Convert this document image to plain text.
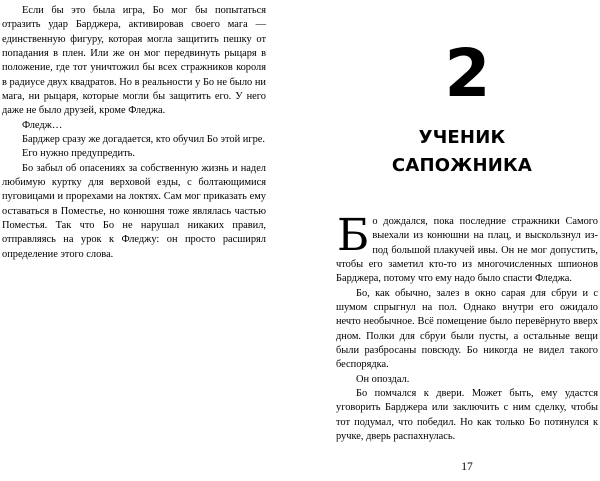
Если бы это была игра, Бо мог бы попытаться отразить удар Барджера, активировав своего мага — единственную фигуру, которая могла защитить пешку от попадания в плен. Или же он мог передвинуть рыцаря в положение, где тот уничтожил бы всех стражников короля в радиусе двух квадратов. Но в реальности у Бо не было ни мага, ни рыцаря, которые могли бы защитить его. У него даже не было друзей, кроме Фледжа.

Фледж…

Барджер сразу же догадается, кто обучил Бо этой игре.

Его нужно предупредить.

Бо забыл об опасениях за собственную жизнь и надел любимую куртку для верховой езды, с болтающимися пуговицами и прорехами на локтях. Сам мог приказать ему оставаться в Поместье, но конюшня тоже являлась частью Поместья. Так что Бо не нарушал никаких правил, отправляясь на урок к Фледжу: он просто расширял определение этого слова.

2
ученик
сапожника

Бо дождался, пока последние стражники Самого выехали из конюшни на плац, и выскользнул из-под большой плакучей ивы. Он не мог допустить, чтобы его заметил кто-то из многочисленных шпионов Барджера, потому что ему надо было спасти Фледжа.

Бо, как обычно, залез в окно сарая для сбруи и с шумом спрыгнул на пол. Однако внутри его ожидало нечто необычное. Всё помещение было перевёрнуто вверх дном. Полки для сбруи были пусты, а остальные вещи были разбросаны повсюду. Бо никогда не видел такого беспорядка.

Он опоздал.

Бо помчался к двери. Может быть, ему удастся уговорить Барджера или заключить с ним сделку, чтобы тот подумал, что победил. Но как только Бо потянулся к ручке, дверь распахнулась.

17
